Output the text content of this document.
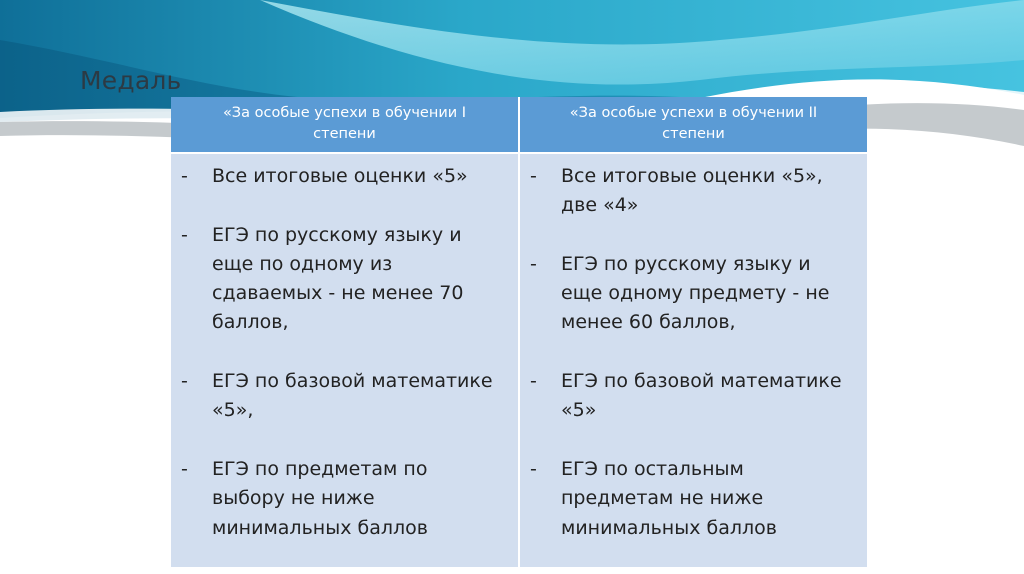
Медаль
«За особые успехи в обучении I степени
«За особые успехи в обучении II степени
- Все итоговые оценки «5»
- ЕГЭ по русскому языку и еще по одному из сдаваемых - не менее 70 баллов,
- ЕГЭ по базовой математике «5»,
- ЕГЭ по предметам по выбору не ниже минимальных баллов
- Все итоговые оценки «5», две «4»
- ЕГЭ по русскому языку и еще одному предмету - не менее 60 баллов,
- ЕГЭ по базовой математике «5»
- ЕГЭ по остальным предметам не ниже минимальных баллов
